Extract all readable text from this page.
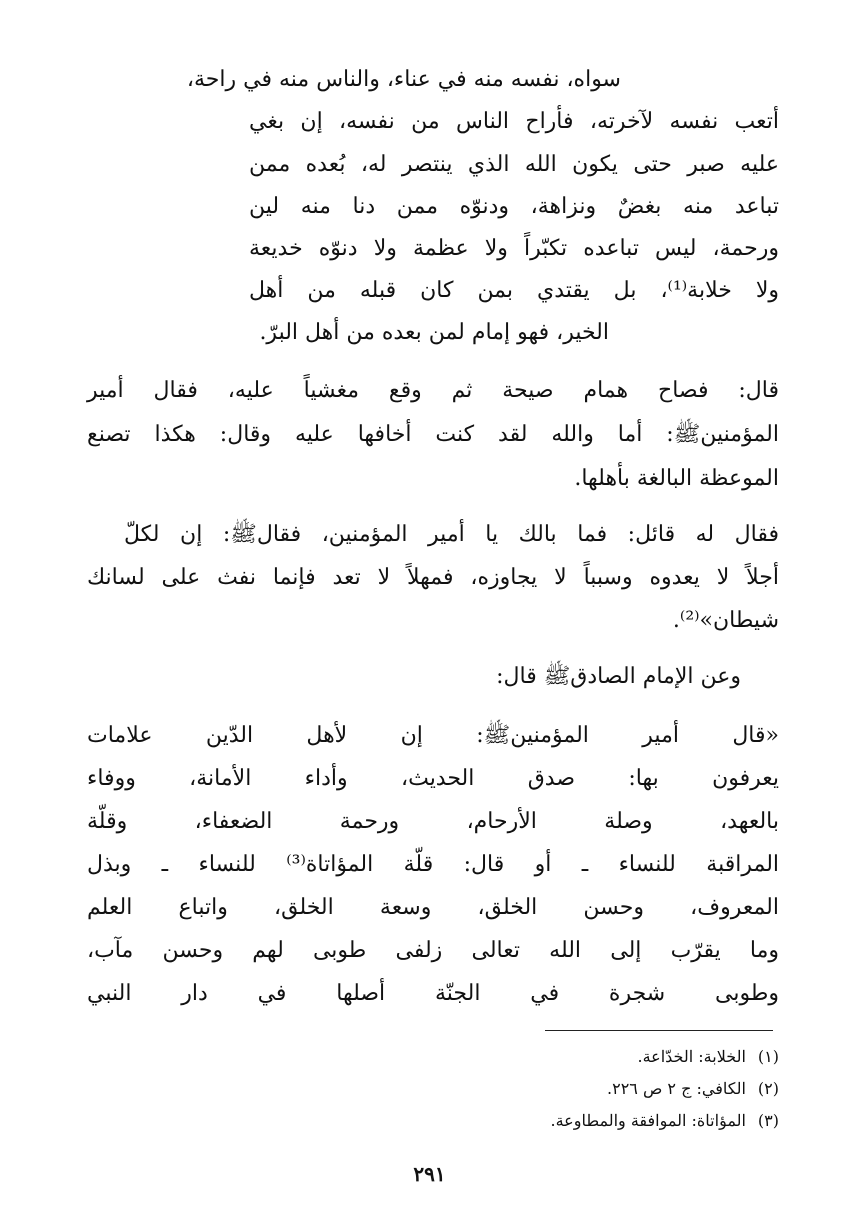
سواه، نفسه منه في عناء، والناس منه في راحة،
أتعب نفسه لآخرته، فأراح الناس من نفسه، إن بغي
عليه صبر حتى يكون الله الذي ينتصر له، بُعده ممن
تباعد منه بغضٌ ونزاهة، ودنوّه ممن دنا منه لين
ورحمة، ليس تباعده تكبّراً ولا عظمة ولا دنوّه خديعة
ولا خلابة⁽¹⁾، بل يقتدي بمن كان قبله من أهل
الخير، فهو إمام لمن بعده من أهل البرّ.
قال: فصاح همام صيحة ثم وقع مغشياً عليه، فقال أمير
المؤمنينﷺ: أما والله لقد كنت أخافها عليه وقال: هكذا تصنع
الموعظة البالغة بأهلها.
فقال له قائل: فما بالك يا أمير المؤمنين، فقالﷺ: إن لكلّ
أجلاً لا يعدوه وسبباً لا يجاوزه، فمهلاً لا تعد فإنما نفث على لسانك
شيطان»⁽²⁾.
وعن الإمام الصادقﷺ قال:
«قال أمير المؤمنينﷺ: إن لأهل الدّين علامات
يعرفون بها: صدق الحديث، وأداء الأمانة، ووفاء
بالعهد، وصلة الأرحام، ورحمة الضعفاء، وقلّة
المراقبة للنساء ـ أو قال: قلّة المؤاتاة⁽³⁾ للنساء ـ وبذل
المعروف، وحسن الخلق، وسعة الخلق، واتباع العلم
وما يقرّب إلى الله تعالى زلفى طوبى لهم وحسن مآب،
وطوبى شجرة في الجنّة أصلها في دار النبي
(١)الخلابة: الخدّاعة.
(٢)الكافي: ج ٢ ص ٢٢٦.
(٣)المؤاتاة: الموافقة والمطاوعة.
٢٩١
